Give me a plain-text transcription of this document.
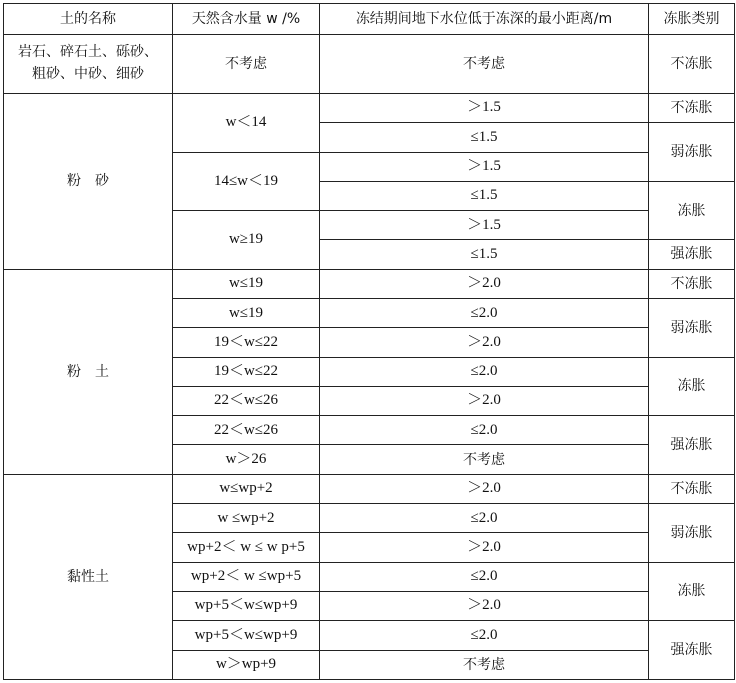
土的名称	天然含水量 w /%	冻结期间地下水位低于冻深的最小距离/m	冻胀类别
岩石、碎石土、砾砂、
粗砂、中砂、细砂	不考虑	不考虑	不冻胀
粉　砂	w＜14	＞1.5	不冻胀
		≤1.5	弱冻胀
	14≤w＜19	＞1.5	
		≤1.5	冻胀
	w≥19	＞1.5	
		≤1.5	强冻胀
粉　土	w≤19	＞2.0	不冻胀
	w≤19	≤2.0	弱冻胀
	19＜w≤22	＞2.0	
	19＜w≤22	≤2.0	冻胀
	22＜w≤26	＞2.0	
	22＜w≤26	≤2.0	强冻胀
	w＞26	不考虑	
黏性土	w≤wp+2	＞2.0	不冻胀
	w ≤wp+2	≤2.0	弱冻胀
	wp+2＜ w ≤ w p+5	＞2.0	
	wp+2＜ w ≤wp+5	≤2.0	冻胀
	wp+5＜w≤wp+9	＞2.0	
	wp+5＜w≤wp+9	≤2.0	强冻胀
	w＞wp+9	不考虑	
